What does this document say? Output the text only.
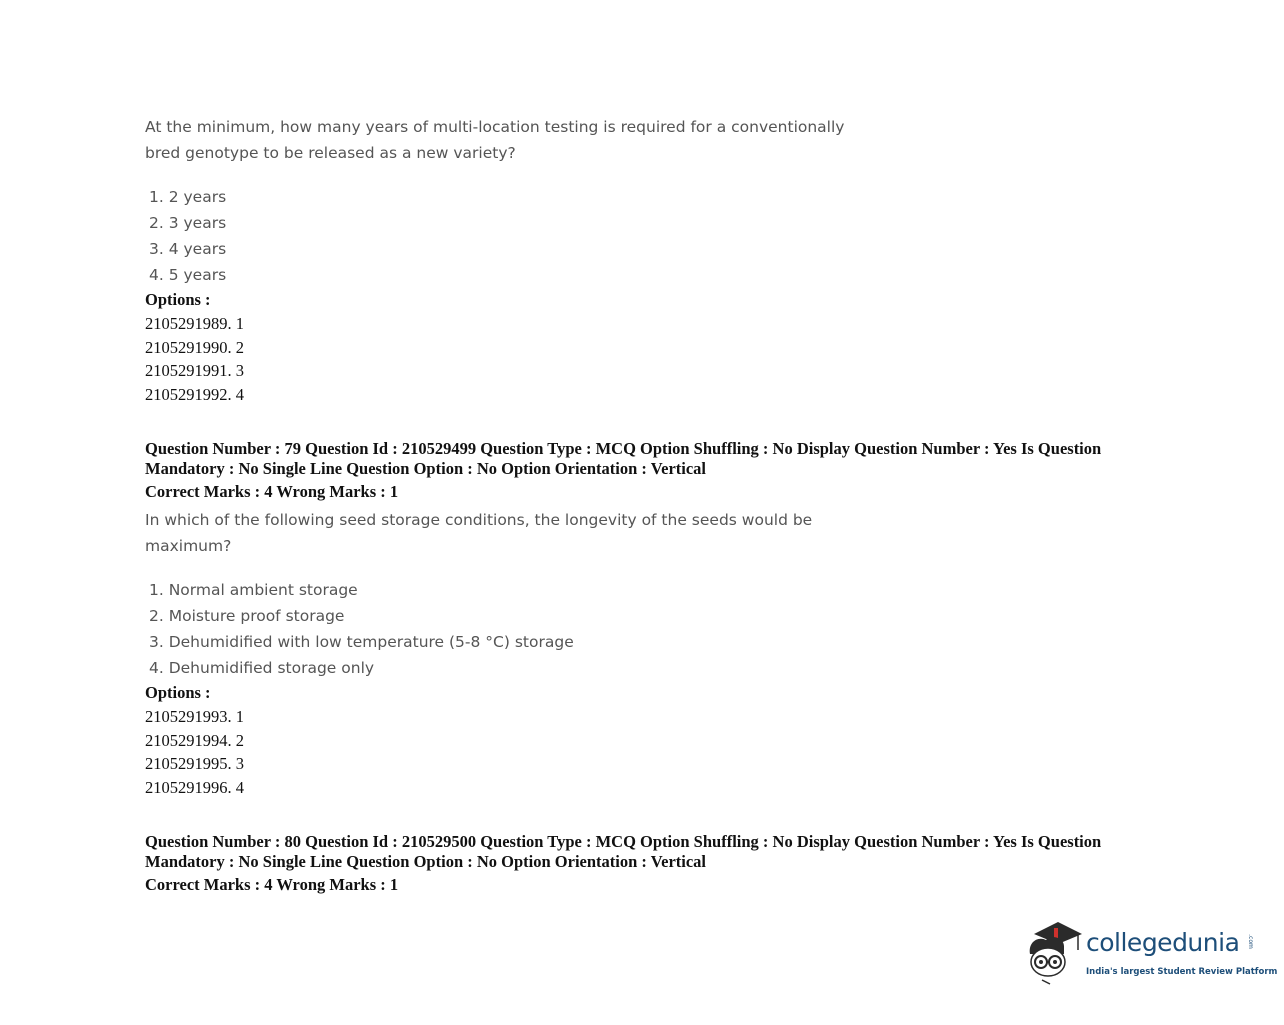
At the minimum, how many years of multi-location testing is required for a conventionally
bred genotype to be released as a new variety?
1. 2 years
2. 3 years
3. 4 years
4. 5 years
Options :
2105291989. 1
2105291990. 2
2105291991. 3
2105291992. 4
Question Number : 79 Question Id : 210529499 Question Type : MCQ Option Shuffling : No Display Question Number : Yes Is Question
Mandatory : No Single Line Question Option : No Option Orientation : Vertical
Correct Marks : 4 Wrong Marks : 1
In which of the following seed storage conditions, the longevity of the seeds would be
maximum?
1. Normal ambient storage
2. Moisture proof storage
3. Dehumidified with low temperature (5-8 °C) storage
4. Dehumidified storage only
Options :
2105291993. 1
2105291994. 2
2105291995. 3
2105291996. 4
Question Number : 80 Question Id : 210529500 Question Type : MCQ Option Shuffling : No Display Question Number : Yes Is Question
Mandatory : No Single Line Question Option : No Option Orientation : Vertical
Correct Marks : 4 Wrong Marks : 1
collegedunia .com
India's largest Student Review Platform
